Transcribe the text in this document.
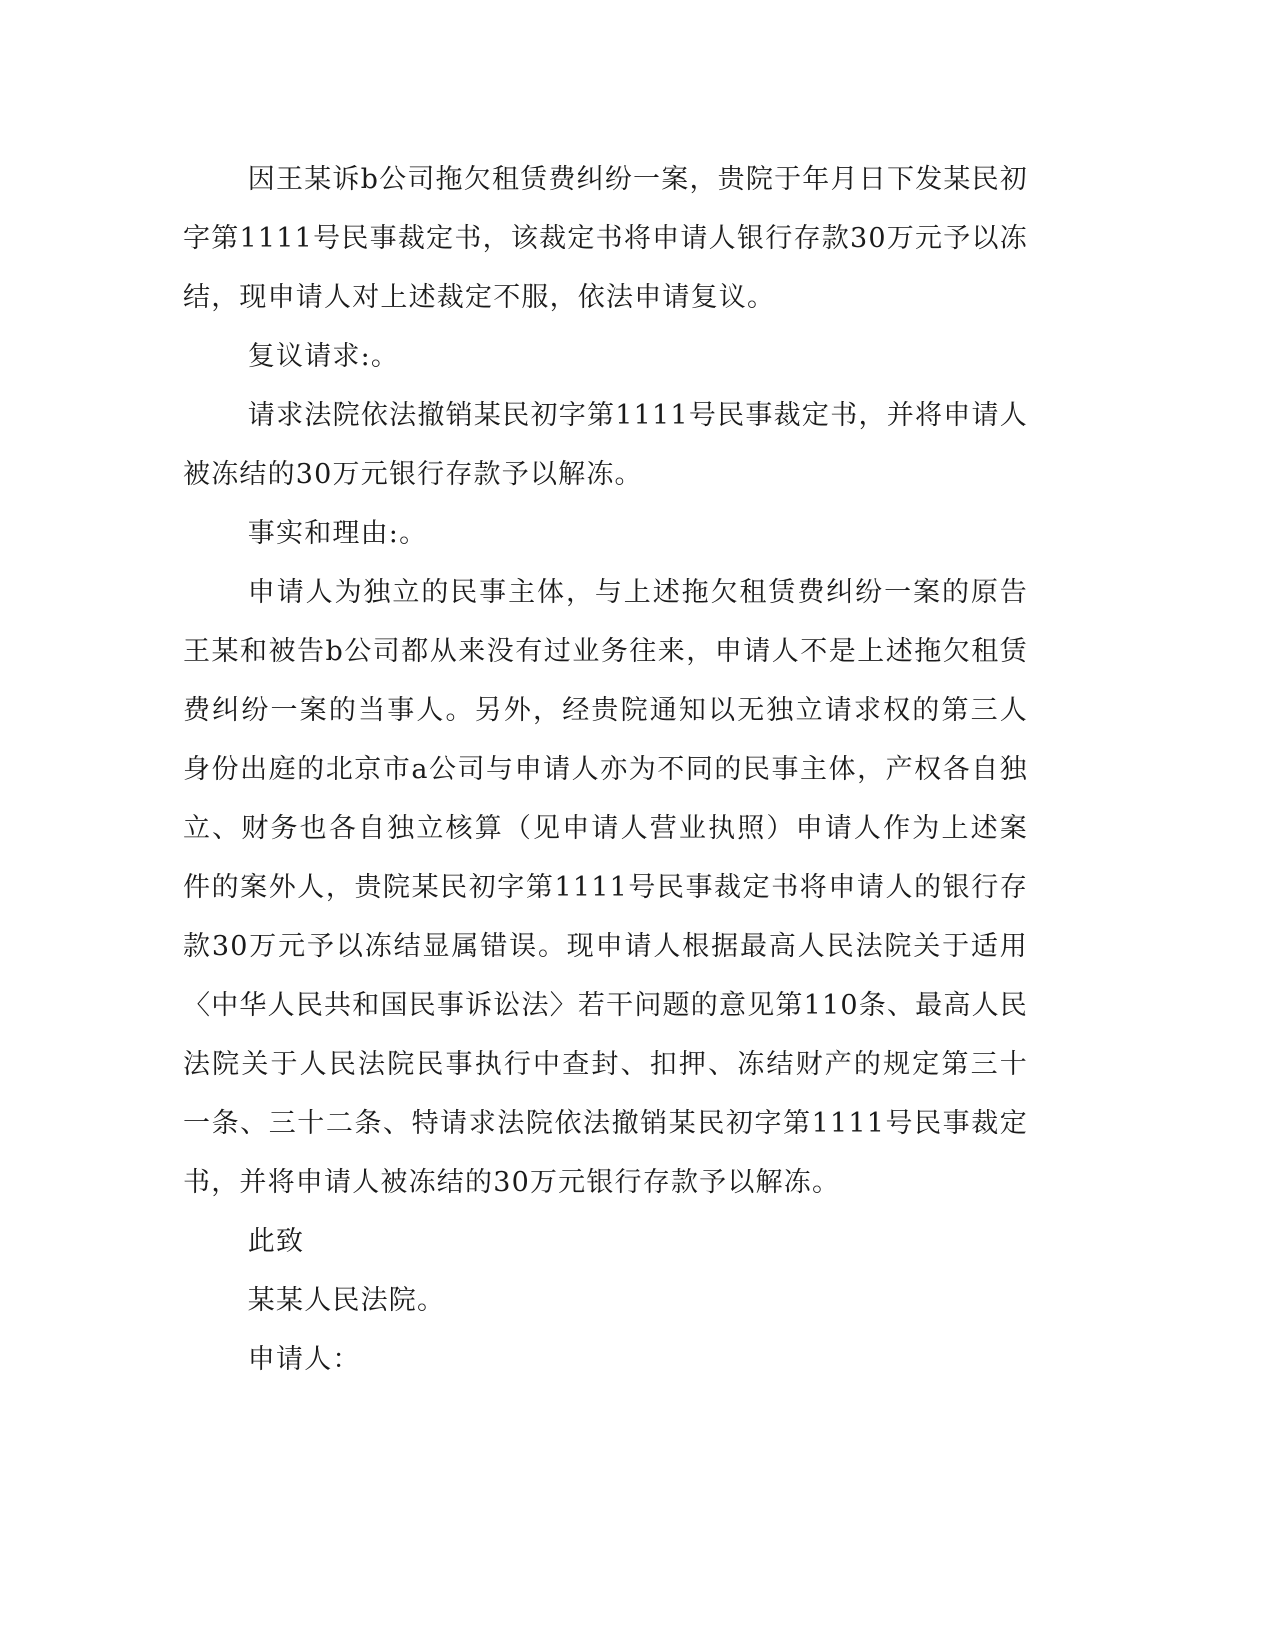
因王某诉b公司拖欠租赁费纠纷一案，贵院于年月日下发某民初字第1111号民事裁定书，该裁定书将申请人银行存款30万元予以冻结，现申请人对上述裁定不服，依法申请复议。

复议请求:。

请求法院依法撤销某民初字第1111号民事裁定书，并将申请人被冻结的30万元银行存款予以解冻。

事实和理由:。

申请人为独立的民事主体，与上述拖欠租赁费纠纷一案的原告王某和被告b公司都从来没有过业务往来，申请人不是上述拖欠租赁费纠纷一案的当事人。另外，经贵院通知以无独立请求权的第三人身份出庭的北京市a公司与申请人亦为不同的民事主体，产权各自独立、财务也各自独立核算（见申请人营业执照）申请人作为上述案件的案外人，贵院某民初字第1111号民事裁定书将申请人的银行存款30万元予以冻结显属错误。现申请人根据最高人民法院关于适用〈中华人民共和国民事诉讼法〉若干问题的意见第110条、最高人民法院关于人民法院民事执行中查封、扣押、冻结财产的规定第三十一条、三十二条、特请求法院依法撤销某民初字第1111号民事裁定书，并将申请人被冻结的30万元银行存款予以解冻。

此致

某某人民法院。

申请人：
